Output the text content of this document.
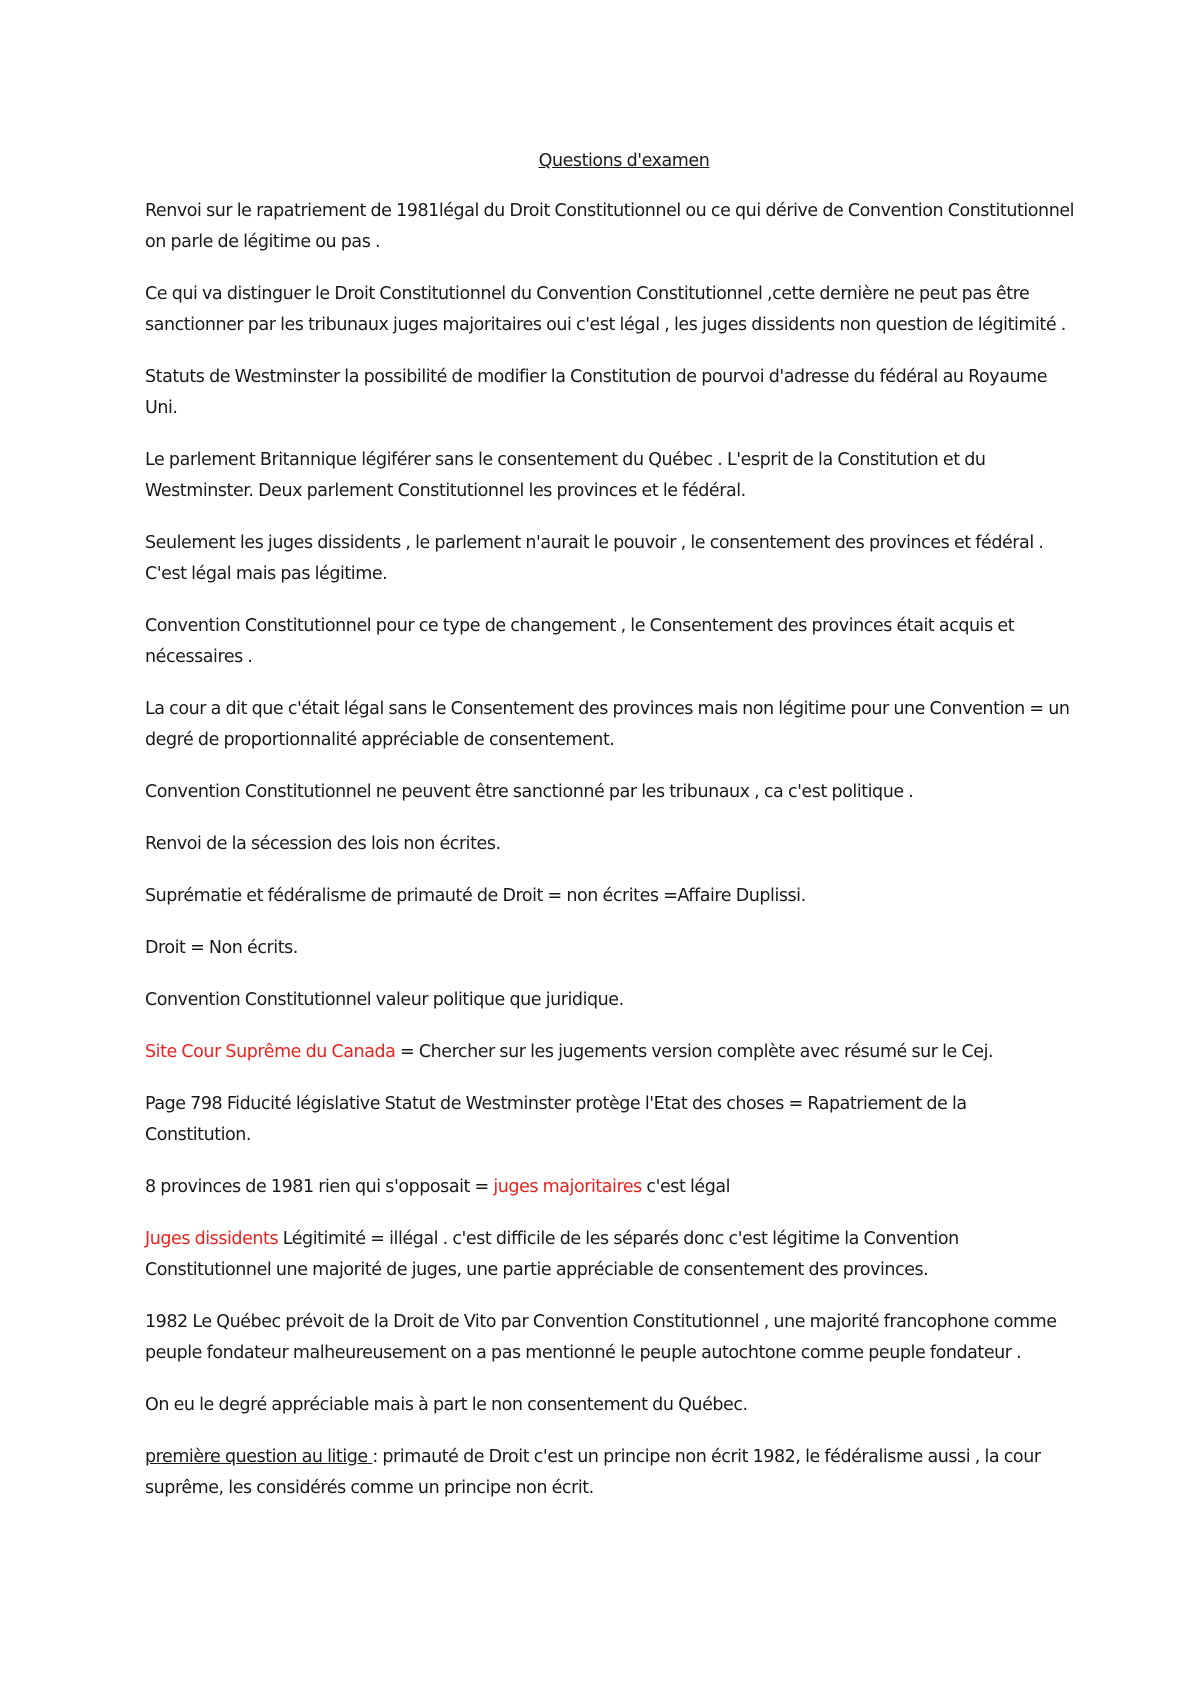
Questions d'examen

Renvoi sur le rapatriement de 1981légal du Droit Constitutionnel ou ce qui dérive de Convention Constitutionnel on parle de légitime ou pas .

Ce qui va distinguer le Droit Constitutionnel du Convention Constitutionnel ,cette dernière ne peut pas être sanctionner par les tribunaux juges majoritaires oui c'est légal , les juges dissidents non question de légitimité .

Statuts de Westminster la possibilité de modifier la Constitution de pourvoi d'adresse du fédéral au Royaume Uni.

Le parlement Britannique légiférer sans le consentement du Québec . L'esprit de la Constitution et du Westminster. Deux parlement Constitutionnel les provinces et le fédéral.

Seulement les juges dissidents , le parlement n'aurait le pouvoir , le consentement des provinces et fédéral . C'est légal mais pas légitime.

Convention Constitutionnel pour ce type de changement , le Consentement des provinces était acquis et nécessaires .

La cour a dit que c'était légal sans le Consentement des provinces mais non légitime pour une Convention = un degré de proportionnalité appréciable de consentement.

Convention Constitutionnel ne peuvent être sanctionné par les tribunaux , ca c'est politique .

Renvoi de la sécession des lois non écrites.

Suprématie et fédéralisme de primauté de Droit = non écrites =Affaire Duplissi.

Droit = Non écrits.

Convention Constitutionnel valeur politique que juridique.

Site Cour Suprême du Canada = Chercher sur les jugements version complète avec résumé sur le Cej.

Page 798 Fiducité législative Statut de Westminster protège l'Etat des choses = Rapatriement de la Constitution.

8 provinces de 1981 rien qui s'opposait = juges majoritaires c'est légal

Juges dissidents Légitimité = illégal . c'est difficile de les séparés donc c'est légitime la Convention Constitutionnel une majorité de juges, une partie appréciable de consentement des provinces.

1982 Le Québec prévoit de la Droit de Vito par Convention Constitutionnel , une majorité francophone comme peuple fondateur malheureusement on a pas mentionné le peuple autochtone comme peuple fondateur .

On eu le degré appréciable mais à part le non consentement du Québec.

première question au litige : primauté de Droit c'est un principe non écrit 1982, le fédéralisme aussi , la cour suprême, les considérés comme un principe non écrit.
